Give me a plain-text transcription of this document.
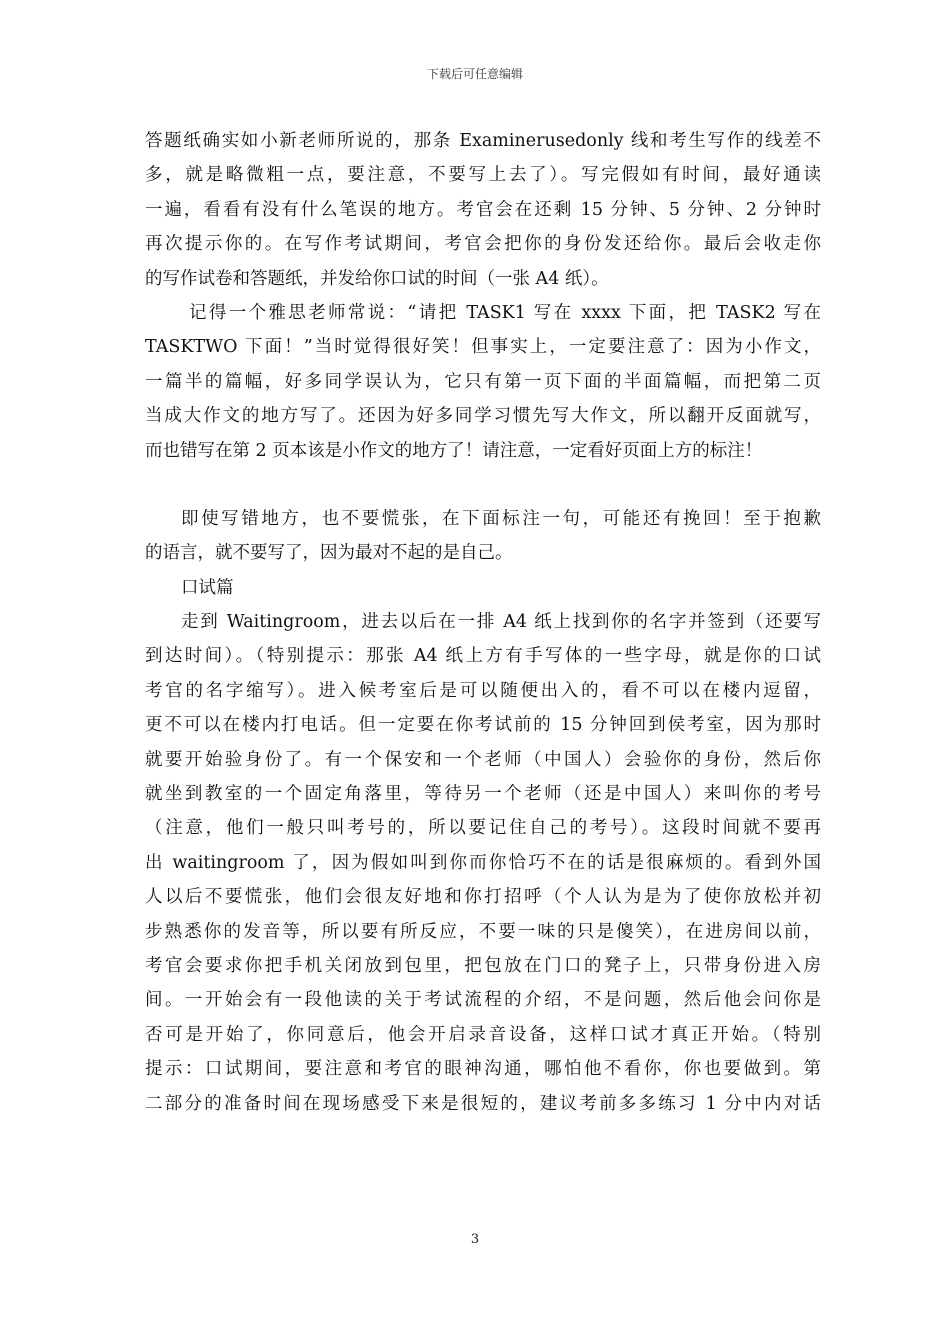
下载后可任意编辑
答题纸确实如小新老师所说的，那条 Examinerusedonly 线和考生写作的线差不
多，就是略微粗一点，要注意，不要写上去了）。写完假如有时间，最好通读
一遍，看看有没有什么笔误的地方。考官会在还剩 15 分钟、5 分钟、2 分钟时
再次提示你的。在写作考试期间，考官会把你的身份发还给你。最后会收走你
的写作试卷和答题纸，并发给你口试的时间（一张 A4 纸）。
记得一个雅思老师常说：“请把 TASK1 写在 xxxx 下面，把 TASK2 写在
TASKTWO 下面！”当时觉得很好笑！但事实上，一定要注意了：因为小作文，
一篇半的篇幅，好多同学误认为，它只有第一页下面的半面篇幅，而把第二页
当成大作文的地方写了。还因为好多同学习惯先写大作文，所以翻开反面就写，
而也错写在第 2 页本该是小作文的地方了！请注意，一定看好页面上方的标注！
即使写错地方，也不要慌张，在下面标注一句，可能还有挽回！至于抱歉
的语言，就不要写了，因为最对不起的是自己。
口试篇
走到 Waitingroom，进去以后在一排 A4 纸上找到你的名字并签到（还要写
到达时间）。（特别提示：那张 A4 纸上方有手写体的一些字母，就是你的口试
考官的名字缩写）。进入候考室后是可以随便出入的，看不可以在楼内逗留，
更不可以在楼内打电话。但一定要在你考试前的 15 分钟回到侯考室，因为那时
就要开始验身份了。有一个保安和一个老师（中国人）会验你的身份，然后你
就坐到教室的一个固定角落里，等待另一个老师（还是中国人）来叫你的考号
（注意，他们一般只叫考号的，所以要记住自己的考号）。这段时间就不要再
出 waitingroom 了，因为假如叫到你而你恰巧不在的话是很麻烦的。看到外国
人以后不要慌张，他们会很友好地和你打招呼（个人认为是为了使你放松并初
步熟悉你的发音等，所以要有所反应，不要一味的只是傻笑），在进房间以前，
考官会要求你把手机关闭放到包里，把包放在门口的凳子上，只带身份进入房
间。一开始会有一段他读的关于考试流程的介绍，不是问题，然后他会问你是
否可是开始了，你同意后，他会开启录音设备，这样口试才真正开始。（特别
提示：口试期间，要注意和考官的眼神沟通，哪怕他不看你，你也要做到。第
二部分的准备时间在现场感受下来是很短的，建议考前多多练习 1 分中内对话
3
